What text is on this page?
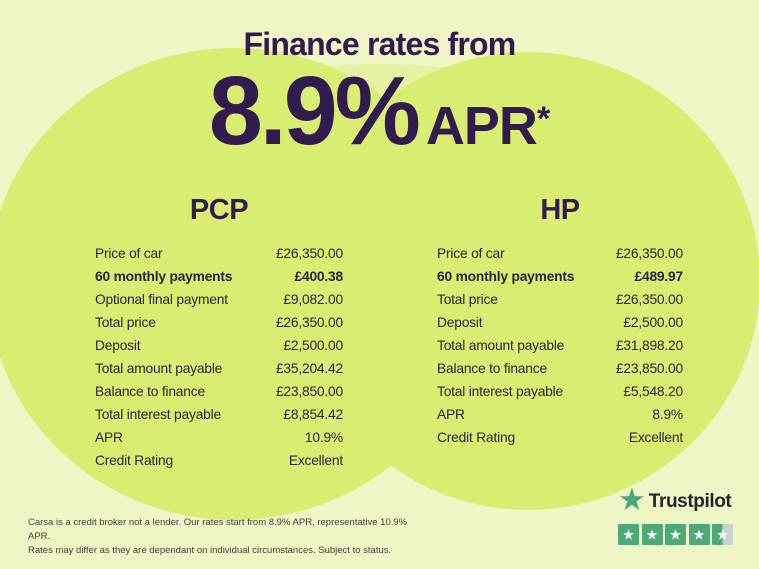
Finance rates from
8.9% APR *
PCP
Price of car	£26,350.00
60 monthly payments	£400.38
Optional final payment	£9,082.00
Total price	£26,350.00
Deposit	£2,500.00
Total amount payable	£35,204.42
Balance to finance	£23,850.00
Total interest payable	£8,854.42
APR	10.9%
Credit Rating	Excellent
HP
Price of car	£26,350.00
60 monthly payments	£489.97
Total price	£26,350.00
Deposit	£2,500.00
Total amount payable	£31,898.20
Balance to finance	£23,850.00
Total interest payable	£5,548.20
APR	8.9%
Credit Rating	Excellent

Carsa is a credit broker not a lender. Our rates start from 8.9% APR, representative 10.9% APR.
Rates may differ as they are dependant on individual circumstances. Subject to status.

★ Trustpilot
★ ★ ★ ★ ★
